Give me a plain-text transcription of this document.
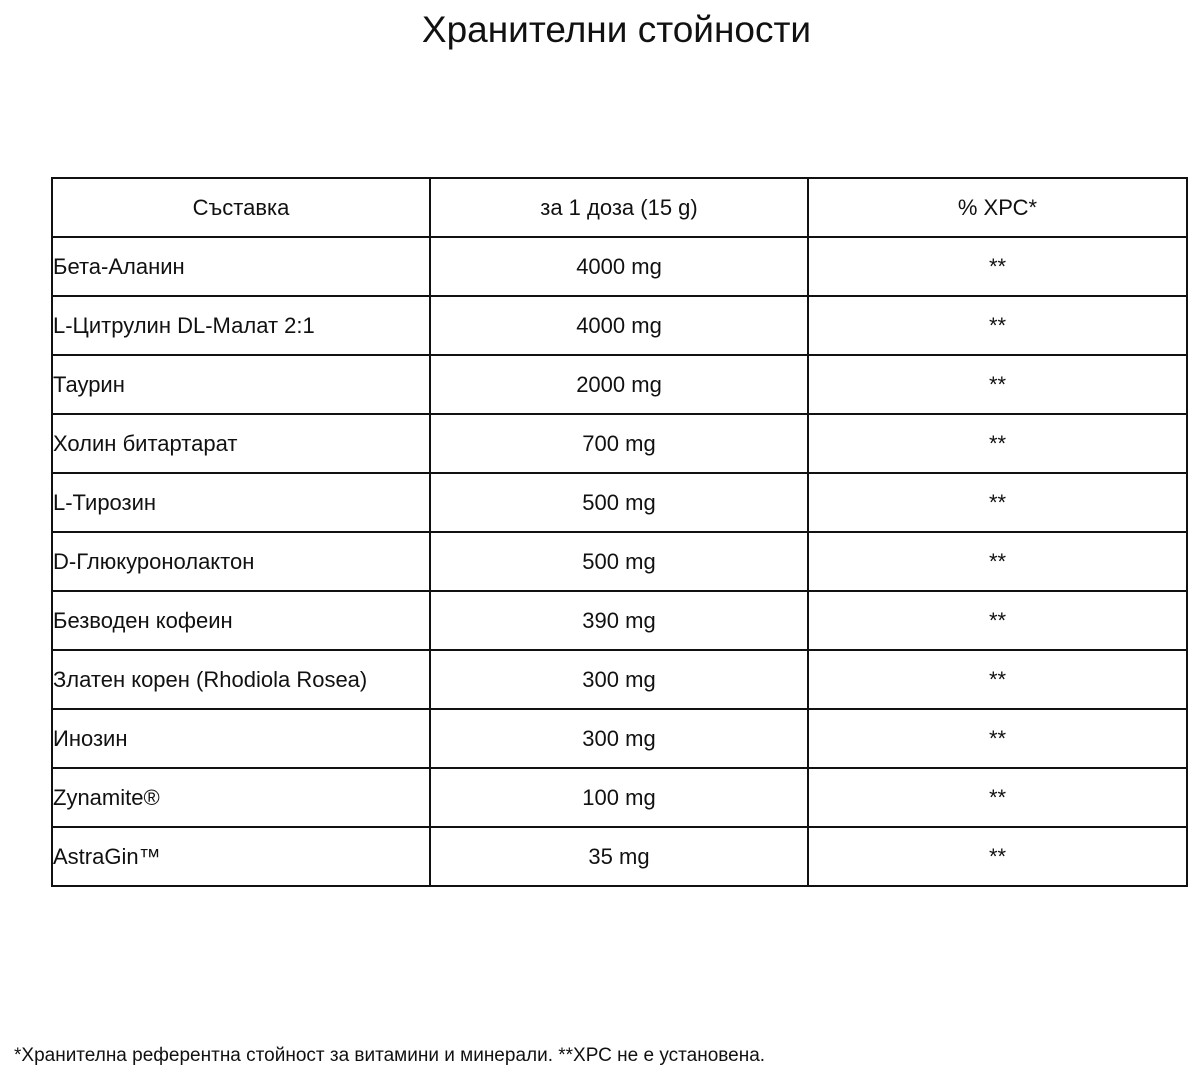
Хранителни стойности
Съставка	за 1 доза (15 g)	% ХРС*
Бета-Аланин	4000 mg	**
L-Цитрулин DL-Малат 2:1	4000 mg	**
Таурин	2000 mg	**
Холин битартарат	700 mg	**
L-Тирозин	500 mg	**
D-Глюкуронолактон	500 mg	**
Безводен кофеин	390 mg	**
Златен корен (Rhodiola Rosea)	300 mg	**
Инозин	300 mg	**
Zynamite®	100 mg	**
AstraGin™	35 mg	**
*Хранителна референтна стойност за витамини и минерали. **ХРС не е установена.
